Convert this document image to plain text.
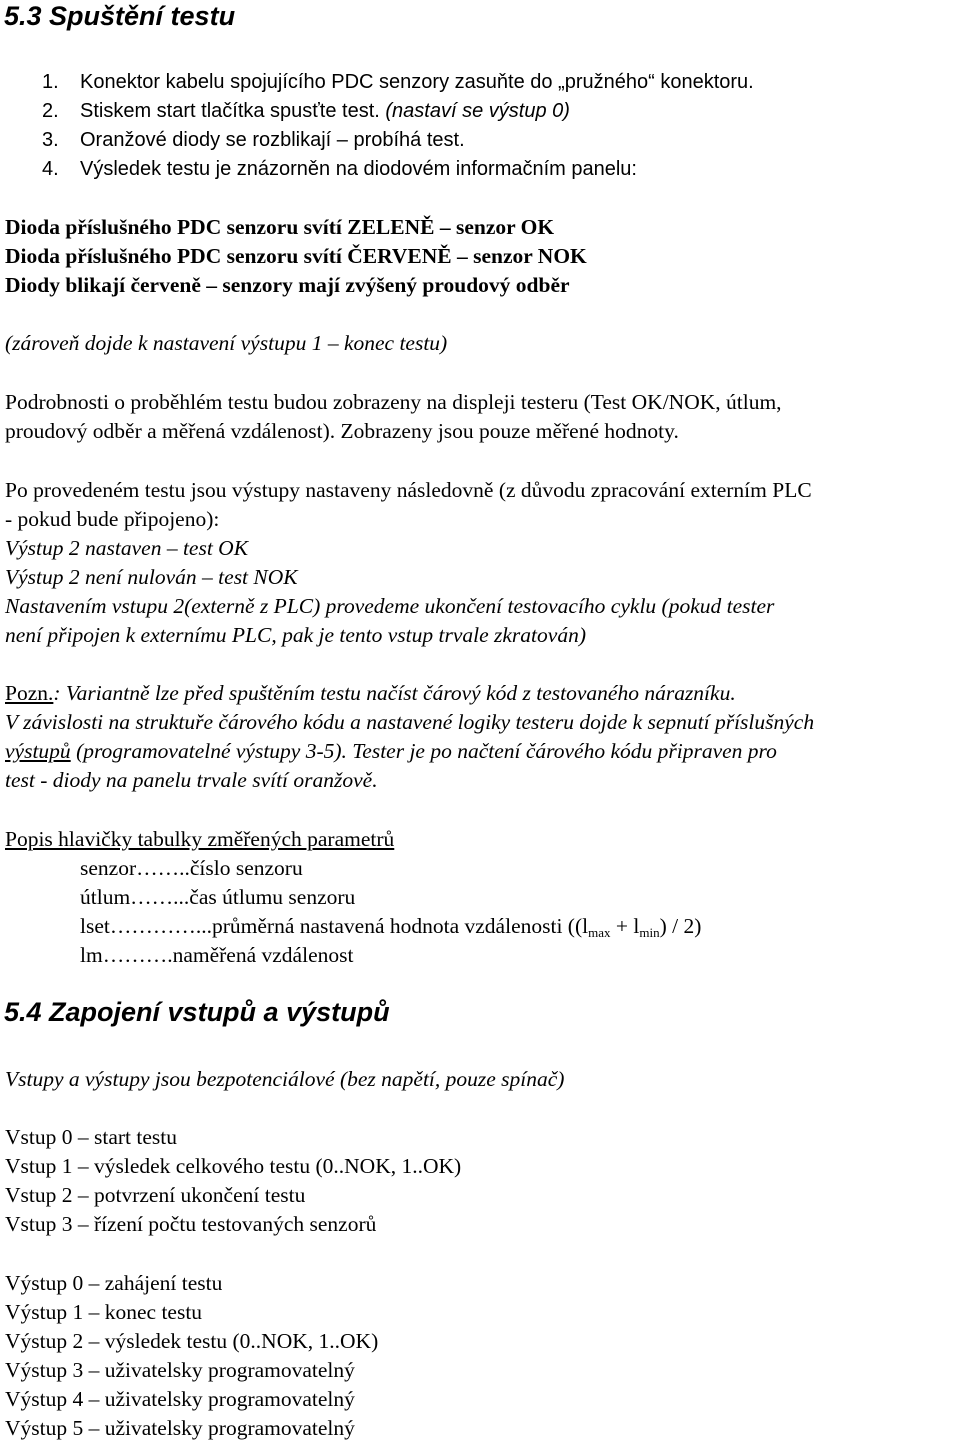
5.3 Spuštění testu
1. Konektor kabelu spojujícího PDC senzory zasuňte do „pružného“ konektoru.
2. Stiskem start tlačítka spusťte test. (nastaví se výstup 0)
3. Oranžové diody se rozblikají – probíhá test.
4. Výsledek testu je znázorněn na diodovém informačním panelu:
Dioda příslušného PDC senzoru svítí ZELENĚ – senzor OK
Dioda příslušného PDC senzoru svítí ČERVENĚ – senzor NOK
Diody blikají červeně – senzory mají zvýšený proudový odběr
(zároveň dojde k nastavení výstupu 1 – konec testu)
Podrobnosti o proběhlém testu budou zobrazeny na displeji testeru (Test OK/NOK, útlum,
proudový odběr a měřená vzdálenost). Zobrazeny jsou pouze měřené hodnoty.
Po provedeném testu jsou výstupy nastaveny následovně (z důvodu zpracování externím PLC
- pokud bude připojeno):
Výstup 2 nastaven – test OK
Výstup 2 není nulován – test NOK
Nastavením vstupu 2(externě z PLC) provedeme ukončení testovacího cyklu (pokud tester
není připojen k externímu PLC, pak je tento vstup trvale zkratován)
Pozn.: Variantně lze před spuštěním testu načíst čárový kód z testovaného nárazníku.
V závislosti na struktuře čárového kódu a nastavené logiky testeru dojde k sepnutí příslušných
výstupů (programovatelné výstupy 3-5). Tester je po načtení čárového kódu připraven pro
test - diody na panelu trvale svítí oranžově.
Popis hlavičky tabulky změřených parametrů
senzor……..číslo senzoru
útlum……...čas útlumu senzoru
lset…………...průměrná nastavená hodnota vzdálenosti $((l_{max} + l_{min}) / 2)$
lm……….naměřená vzdálenost
5.4 Zapojení vstupů a výstupů
Vstupy a výstupy jsou bezpotenciálové (bez napětí, pouze spínač)
Vstup 0 – start testu
Vstup 1 – výsledek celkového testu (0..NOK, 1..OK)
Vstup 2 – potvrzení ukončení testu
Vstup 3 – řízení počtu testovaných senzorů
Výstup 0 – zahájení testu
Výstup 1 – konec testu
Výstup 2 – výsledek testu (0..NOK, 1..OK)
Výstup 3 – uživatelsky programovatelný
Výstup 4 – uživatelsky programovatelný
Výstup 5 – uživatelsky programovatelný
